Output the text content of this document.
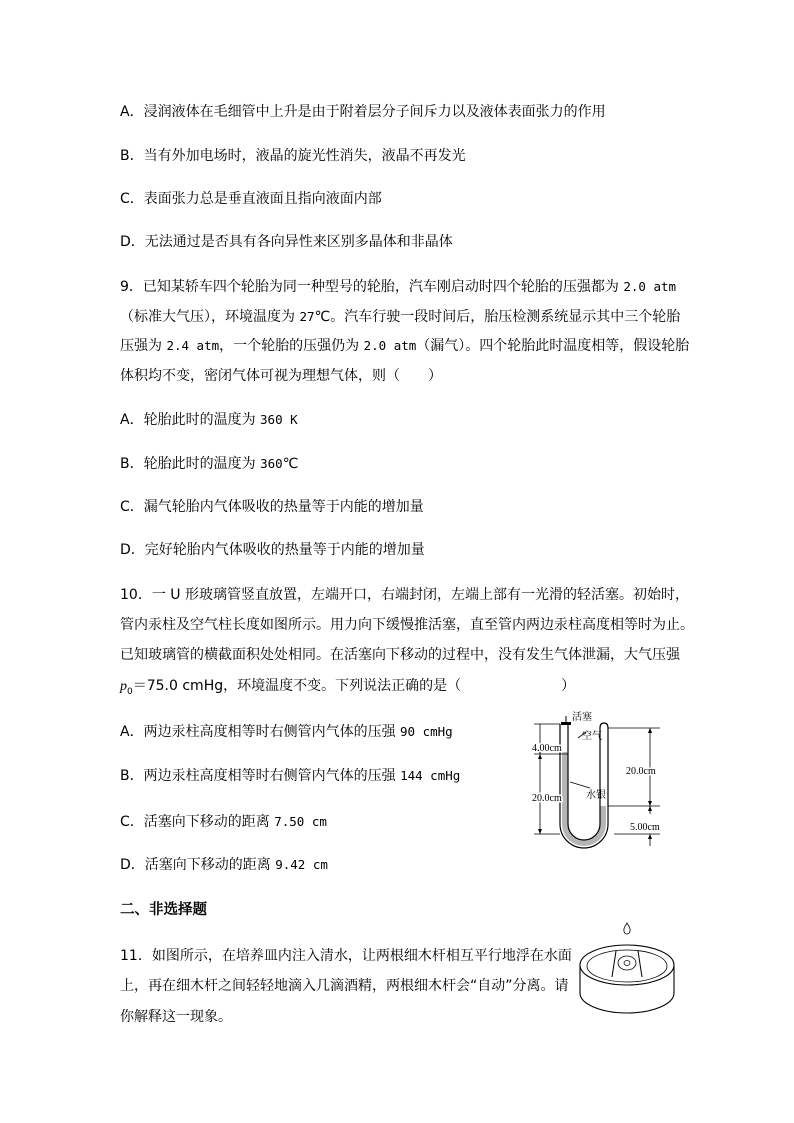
A．浸润液体在毛细管中上升是由于附着层分子间斥力以及液体表面张力的作用
B．当有外加电场时，液晶的旋光性消失，液晶不再发光
C．表面张力总是垂直液面且指向液面内部
D．无法通过是否具有各向异性来区别多晶体和非晶体
9．已知某轿车四个轮胎为同一种型号的轮胎，汽车刚启动时四个轮胎的压强都为 2.0 atm
（标准大气压），环境温度为 27℃。汽车行驶一段时间后，胎压检测系统显示其中三个轮胎
压强为 2.4 atm，一个轮胎的压强仍为 2.0 atm（漏气）。四个轮胎此时温度相等，假设轮胎
体积均不变，密闭气体可视为理想气体，则（　　）
A．轮胎此时的温度为 360 K
B．轮胎此时的温度为 360℃
C．漏气轮胎内气体吸收的热量等于内能的增加量
D．完好轮胎内气体吸收的热量等于内能的增加量
10．一 U 形玻璃管竖直放置，左端开口，右端封闭，左端上部有一光滑的轻活塞。初始时，
管内汞柱及空气柱长度如图所示。用力向下缓慢推活塞，直至管内两边汞柱高度相等时为止。
已知玻璃管的横截面积处处相同。在活塞向下移动的过程中，没有发生气体泄漏，大气压强
$p_0=75.0$ cmHg，环境温度不变。下列说法正确的是（	）
A．两边汞柱高度相等时右侧管内气体的压强 90 cmHg
B．两边汞柱高度相等时右侧管内气体的压强 144 cmHg
C．活塞向下移动的距离 7.50 cm
D．活塞向下移动的距离 9.42 cm
活塞
空气
水银
4.00cm
20.0cm
20.0cm
5.00cm
二、非选择题
11．如图所示，在培养皿内注入清水，让两根细木杆相互平行地浮在水面
上，再在细木杆之间轻轻地滴入几滴酒精，两根细木杆会“自动”分离。请
你解释这一现象。
